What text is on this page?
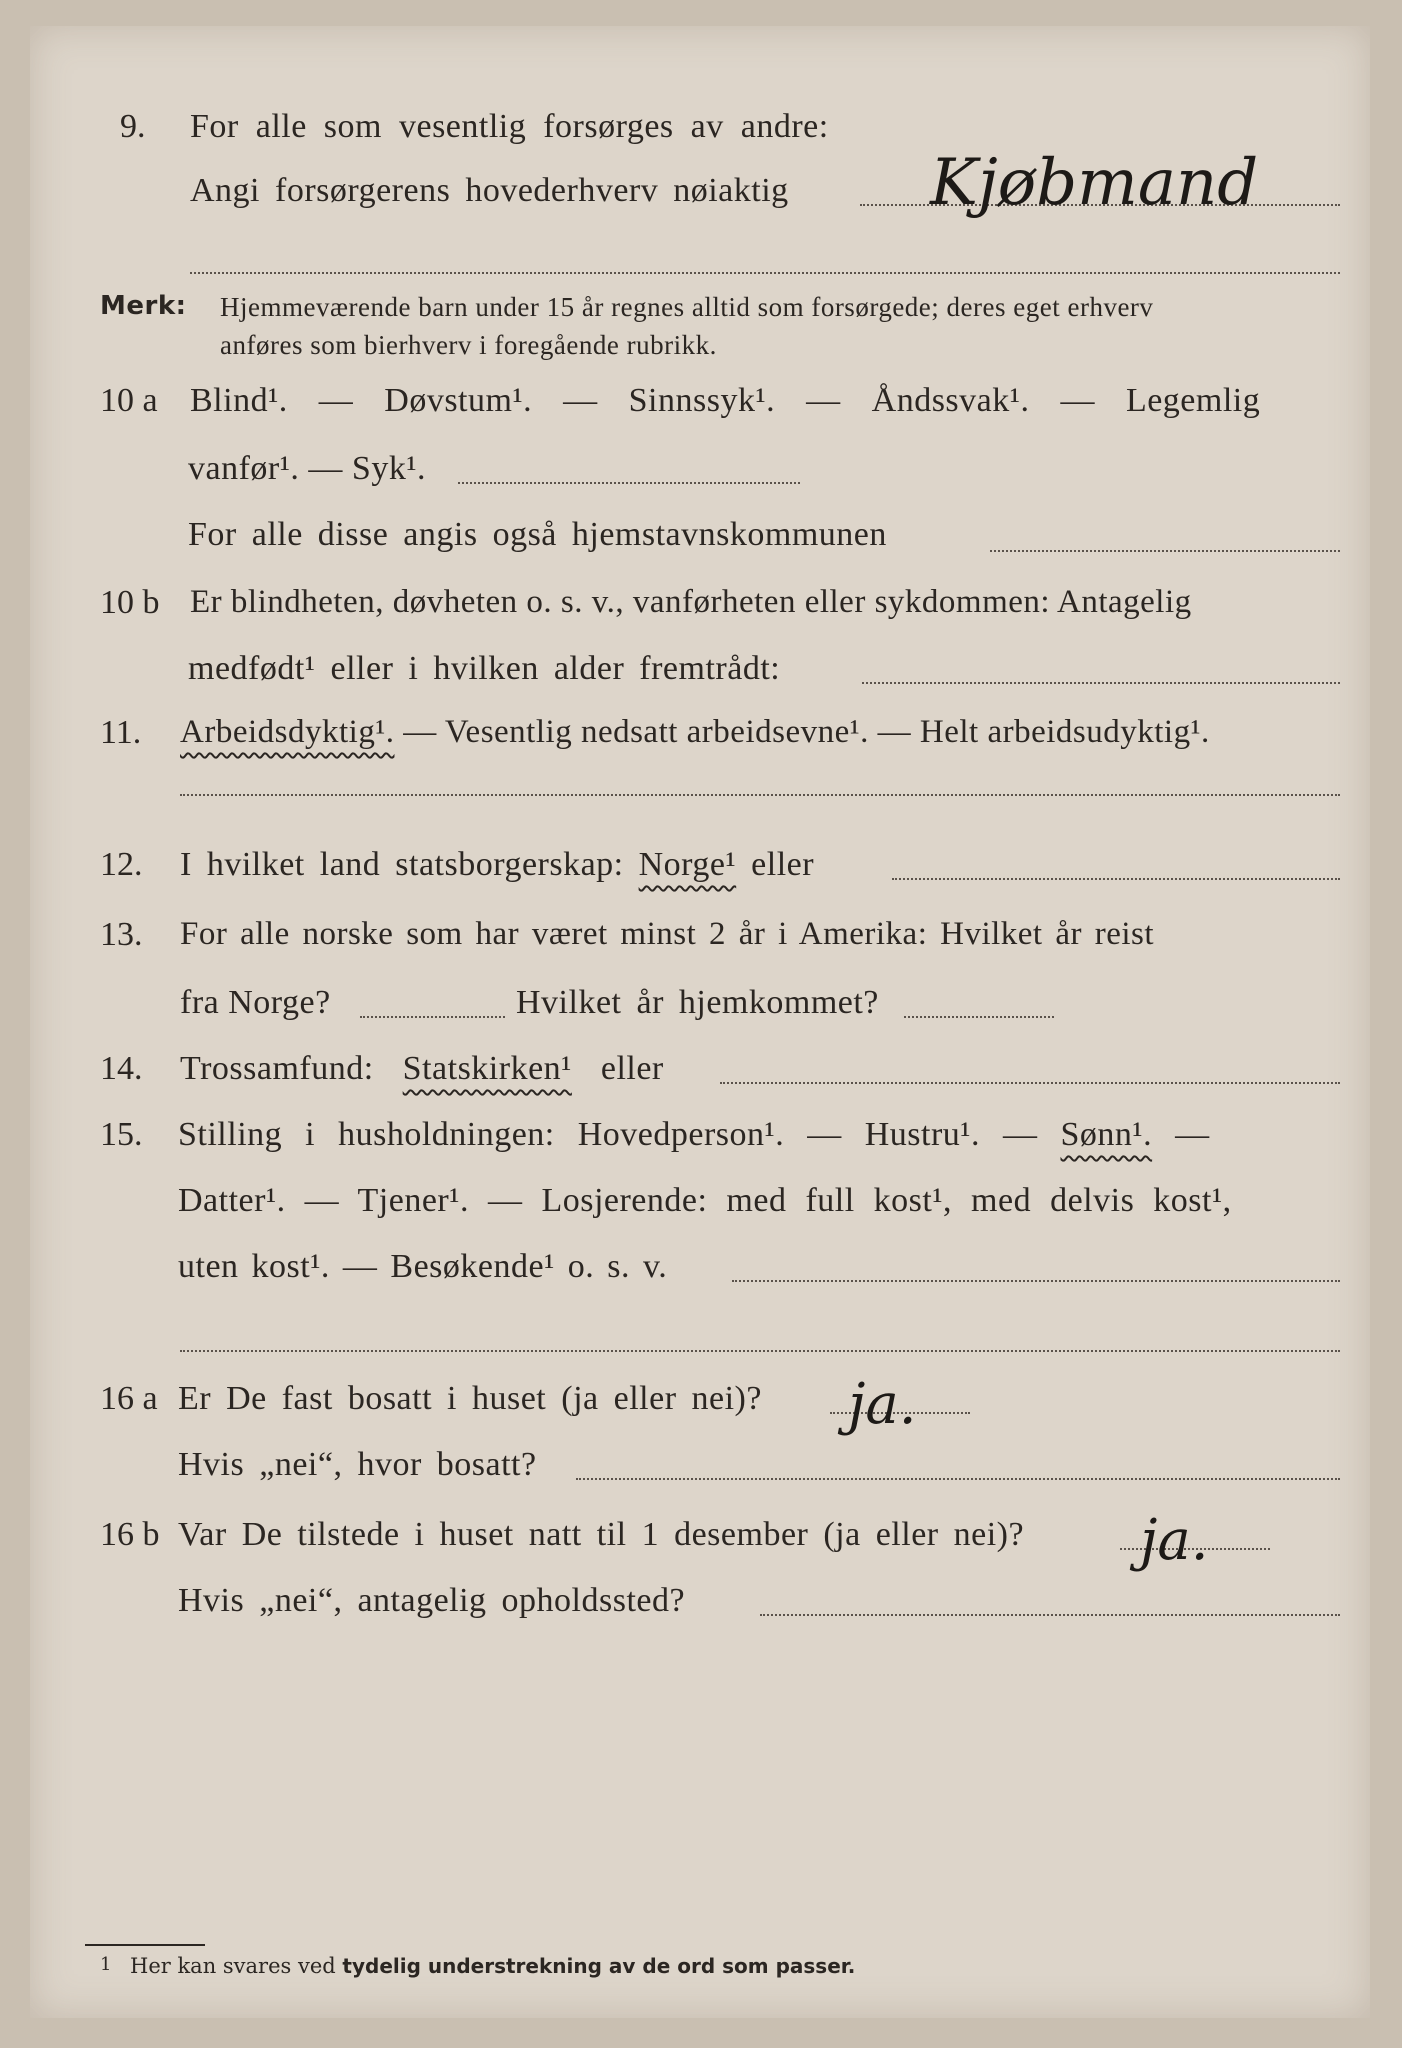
9. For alle som vesentlig forsørges av andre:
Angi forsørgerens hovederhverv nøiaktig Kjøbmand
Merk: Hjemmeværende barn under 15 år regnes alltid som forsørgede; deres eget erhverv
anføres som bierhverv i foregående rubrikk.
10 a Blind¹. — Døvstum¹. — Sinnssyk¹. — Åndssvak¹. — Legemlig
vanfør¹. — Syk¹.
For alle disse angis også hjemstavnskommunen
10 b Er blindheten, døvheten o. s. v., vanførheten eller sykdommen: Antagelig
medfødt¹ eller i hvilken alder fremtrådt:
11. Arbeidsdyktig¹. — Vesentlig nedsatt arbeidsevne¹. — Helt arbeidsudyktig¹.
12. I hvilket land statsborgerskap: Norge¹ eller
13. For alle norske som har været minst 2 år i Amerika: Hvilket år reist
fra Norge?	Hvilket år hjemkommet?
14. Trossamfund: Statskirken¹ eller
15. Stilling i husholdningen: Hovedperson¹. — Hustru¹. — Sønn¹. —
Datter¹. — Tjener¹. — Losjerende: med full kost¹, med delvis kost¹,
uten kost¹. — Besøkende¹ o. s. v.
16 a Er De fast bosatt i huset (ja eller nei)? ja.
Hvis „nei“, hvor bosatt?
16 b Var De tilstede i huset natt til 1 desember (ja eller nei)? ja.
Hvis „nei“, antagelig opholdssted?
1 Her kan svares ved tydelig understrekning av de ord som passer.
